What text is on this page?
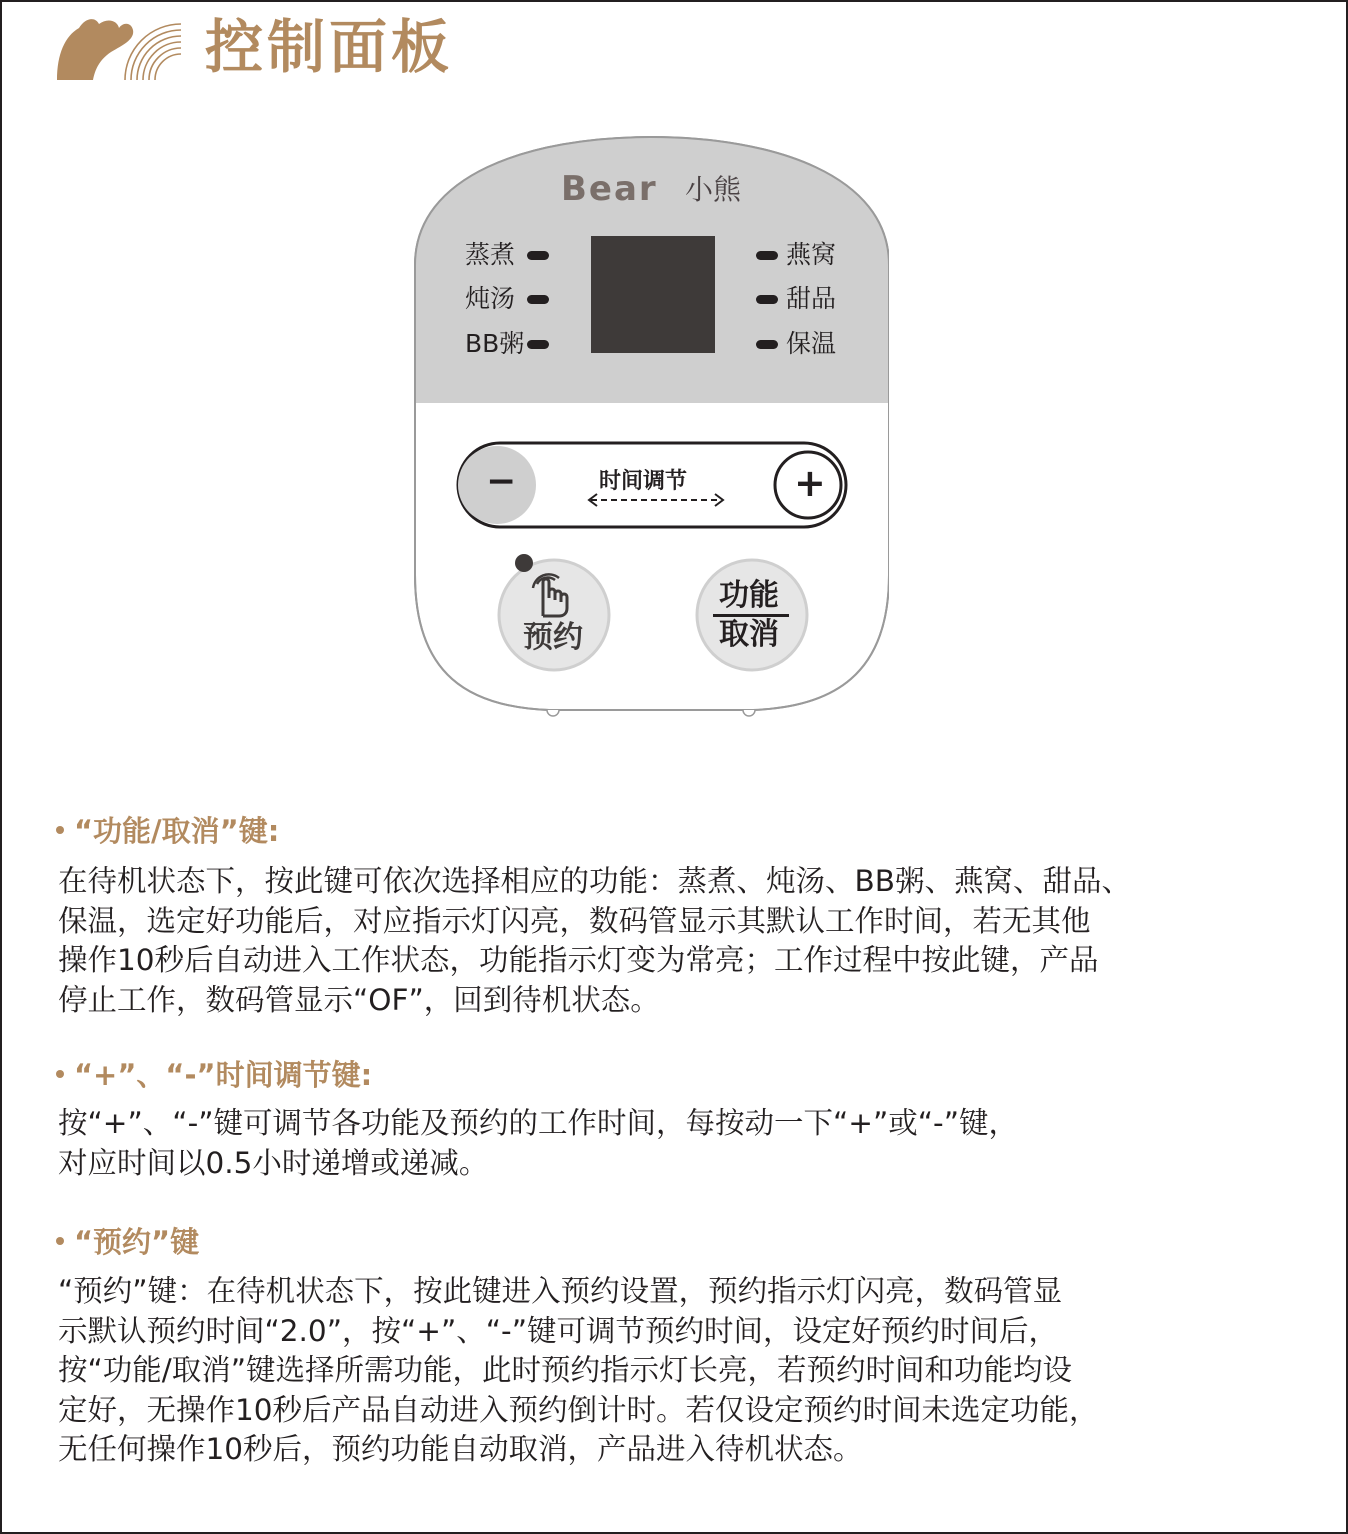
控制面板
Bear 小熊
蒸煮
炖汤
BB粥
燕窝
甜品
保温
−	时间调节	+
预约
功能
取消
“功能/取消”键:
在待机状态下，按此键可依次选择相应的功能：蒸煮、炖汤、BB粥、燕窝、甜品、
保温，选定好功能后，对应指示灯闪亮，数码管显示其默认工作时间，若无其他
操作10秒后自动进入工作状态，功能指示灯变为常亮；工作过程中按此键，产品
停止工作，数码管显示“OF”，回到待机状态。
“+”、“-”时间调节键:
按“+”、“-”键可调节各功能及预约的工作时间，每按动一下“+”或“-”键，
对应时间以0.5小时递增或递减。
“预约”键
“预约”键：在待机状态下，按此键进入预约设置，预约指示灯闪亮，数码管显
示默认预约时间“2.0”，按“+”、“-”键可调节预约时间，设定好预约时间后，
按“功能/取消”键选择所需功能，此时预约指示灯长亮，若预约时间和功能均设
定好，无操作10秒后产品自动进入预约倒计时。若仅设定预约时间未选定功能，
无任何操作10秒后，预约功能自动取消，产品进入待机状态。
